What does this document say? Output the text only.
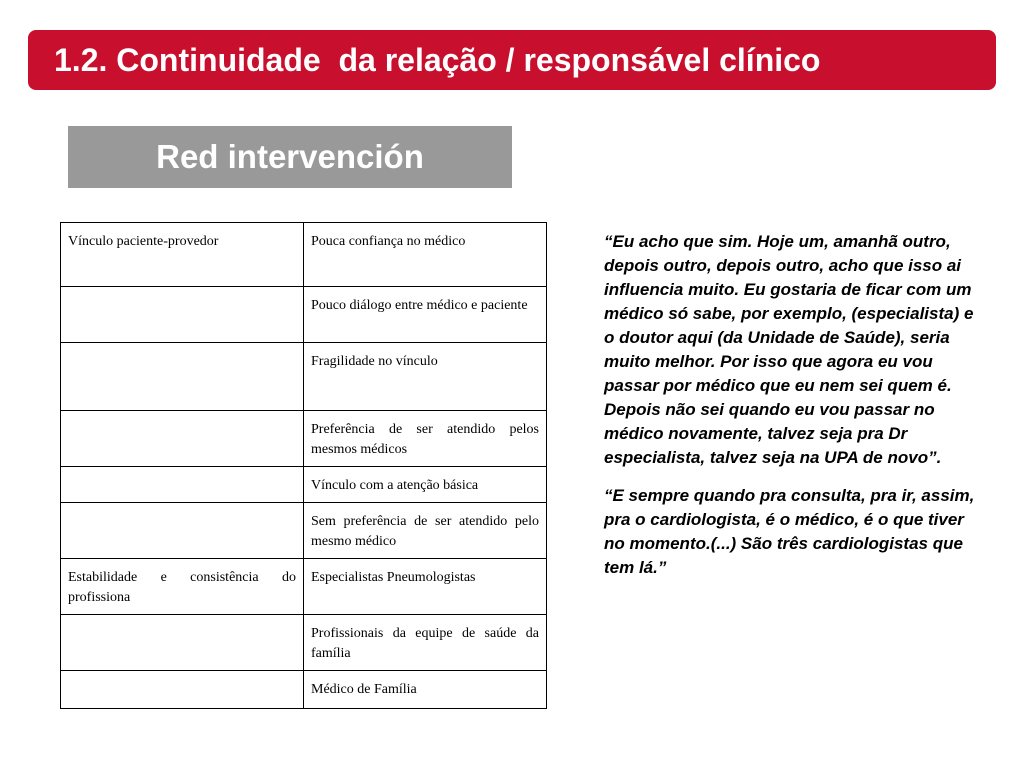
1.2. Continuidade  da relação / responsável clínico
Red intervención
Vínculo paciente-provedor	Pouca confiança no médico
	Pouco diálogo entre médico e paciente
	Fragilidade no vínculo
	Preferência de ser atendido pelos mesmos médicos
	Vínculo com a atenção básica
	Sem preferência de ser atendido pelo mesmo médico
Estabilidade e consistência do profissiona	Especialistas Pneumologistas
	Profissionais da equipe de saúde da família
	Médico de Família

“Eu acho que sim. Hoje um, amanhã outro, depois outro, depois outro, acho que isso ai influencia muito. Eu gostaria de ficar com um médico só sabe, por exemplo, (especialista) e o doutor aqui (da Unidade de Saúde), seria muito melhor. Por isso que agora eu vou passar por médico que eu nem sei quem é. Depois não sei quando eu vou passar no médico novamente, talvez seja pra Dr especialista, talvez seja na UPA de novo”.

“E sempre quando pra consulta, pra ir, assim, pra o cardiologista, é o médico, é o que tiver no momento.(...) São três cardiologistas que tem lá.”
